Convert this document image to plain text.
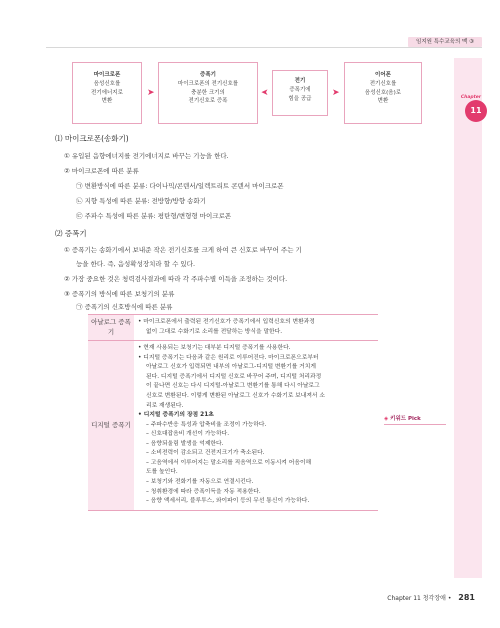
임지원 특수교육의 맥 ③
Chapter
11
마이크로폰
음성신호를
전기에너지로
변환
➤
증폭기
마이크로폰의 전기신호를
충분한 크기의
전기신호로 증폭
➤
전기
증폭기에
힘을 공급
➤
이어폰
전기신호를
음성신호(음)로
변환
⑴ 마이크로폰(송화기)
① 유입된 음향에너지를 전기에너지로 바꾸는 기능을 한다.
② 마이크로폰에 따른 분류
㉠ 변환방식에 따른 분류: 다이나믹/콘덴서/일렉트리트 콘덴서 마이크로폰
㉡ 지향 특성에 따른 분류: 전방향/방향 송화기
㉢ 주파수 특성에 따른 분류: 평탄형/변형형 마이크로폰
⑵ 증폭기
① 증폭기는 송화기에서 보내준 작은 전기신호를 크게 하여 큰 신호로 바꾸어 주는 기
능을 한다. 즉, 음성확성장치라 할 수 있다.
② 가장 중요한 것은 청력검사결과에 따라 각 주파수별 이득을 조정하는 것이다.
③ 증폭기의 방식에 따른 보청기의 분류
㉠ 증폭기의 신호방식에 따른 분류
아날로그 증폭기
• 마이크로폰에서 출력된 전기신호가 증폭기에서 입력신호의 변환과정
없이 그대로 수화기로 소리를 전달하는 방식을 말한다.
디지털 증폭기
• 현재 사용되는 보청기는 대부분 디지털 증폭기를 사용한다.
• 디지털 증폭기는 다음과 같은 원리로 이루어진다. 마이크로폰으로부터
아날로그 신호가 입력되면 내부의 아날로그-디지털 변환기를 거치게
된다. 디지털 증폭기에서 디지털 신호로 바꾸어 주며, 디지털 처리과정
이 끝나면 신호는 다시 디지털-아날로그 변환기를 통해 다시 아날로그
신호로 변환된다. 이렇게 변환된 아날로그 신호가 수화기로 보내져서 소
리로 재생된다.
• 디지털 증폭기의 장점 21초
– 주파수반응 특성과 압축비율 조정이 가능하다.
– 신호대잡음비 개선이 가능하다.
– 음향되울림 발생을 억제한다.
– 소비전력이 감소되고 건전지크기가 축소된다.
– 고음역에서 이루어지는 말소리를 직음역으로 이동시켜 어음이해
도를 높인다.
– 보청기와 전화기를 자동으로 연결시킨다.
– 청취환경에 따라 증폭이득을 자동 적용한다.
– 음향 액세서리, 블루투스, 와이파이 등의 무선 통신이 가능하다.
◈ 키워드 Pick
Chapter 11 청각장애 • 281
